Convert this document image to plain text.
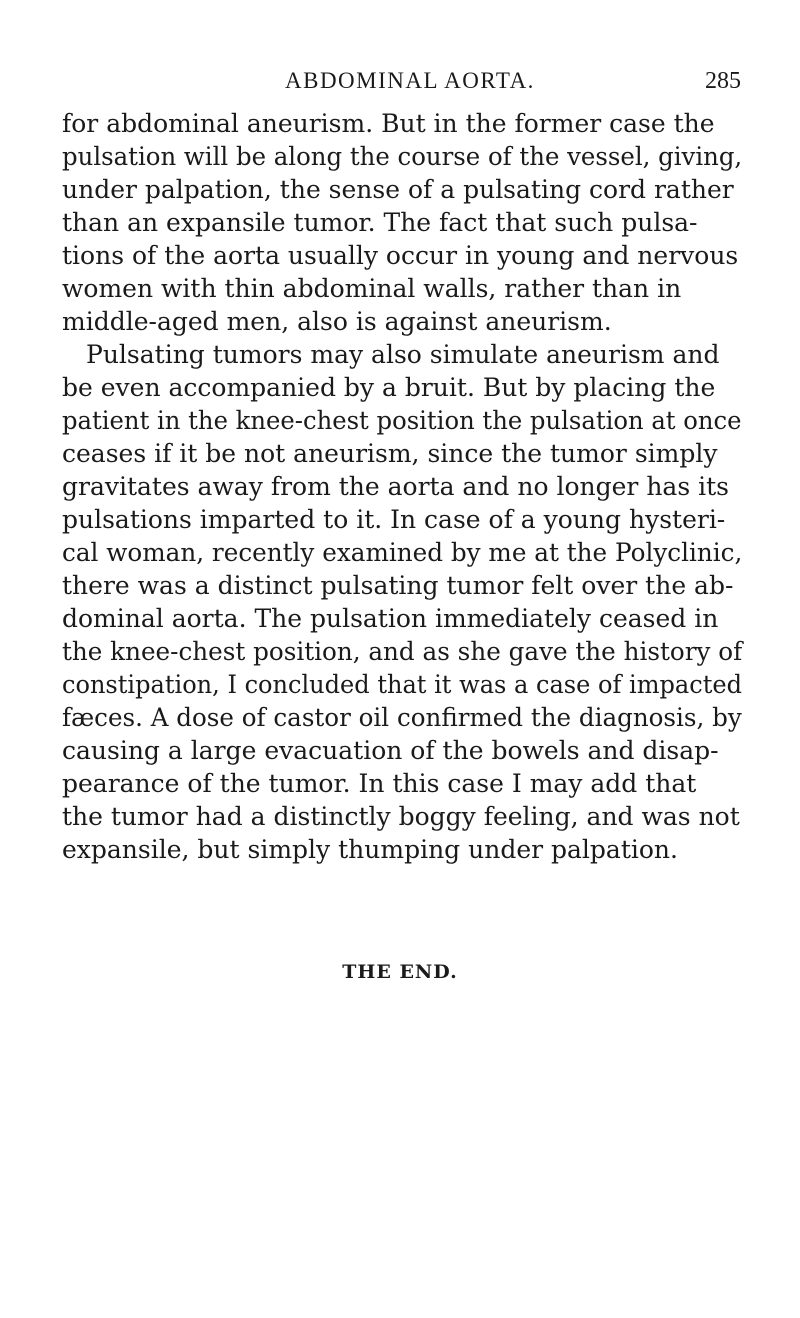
ABDOMINAL AORTA.	285
for abdominal aneurism. But in the former case the
pulsation will be along the course of the vessel, giving,
under palpation, the sense of a pulsating cord rather
than an expansile tumor. The fact that such pulsa-
tions of the aorta usually occur in young and nervous
women with thin abdominal walls, rather than in
middle-aged men, also is against aneurism.
Pulsating tumors may also simulate aneurism and
be even accompanied by a bruit. But by placing the
patient in the knee-chest position the pulsation at once
ceases if it be not aneurism, since the tumor simply
gravitates away from the aorta and no longer has its
pulsations imparted to it. In case of a young hysteri-
cal woman, recently examined by me at the Polyclinic,
there was a distinct pulsating tumor felt over the ab-
dominal aorta. The pulsation immediately ceased in
the knee-chest position, and as she gave the history of
constipation, I concluded that it was a case of impacted
fæces. A dose of castor oil confirmed the diagnosis, by
causing a large evacuation of the bowels and disap-
pearance of the tumor. In this case I may add that
the tumor had a distinctly boggy feeling, and was not
expansile, but simply thumping under palpation.
THE END.
